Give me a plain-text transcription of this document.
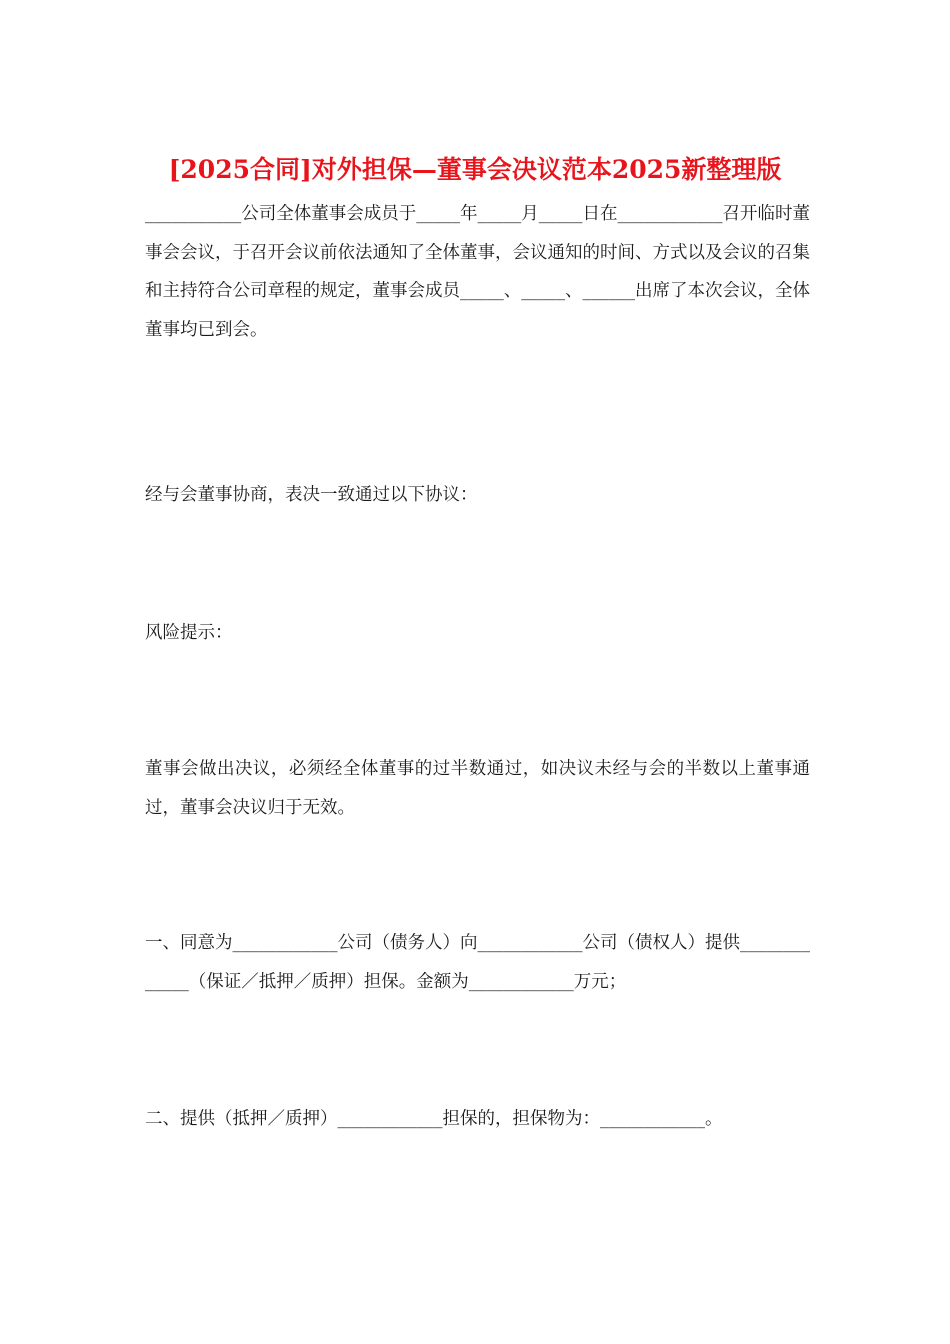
[2025合同]对外担保—董事会决议范本2025新整理版

___________公司全体董事会成员于_____年_____月_____日在____________召开临时董事会会议，于召开会议前依法通知了全体董事，会议通知的时间、方式以及会议的召集和主持符合公司章程的规定，董事会成员_____、_____、______出席了本次会议，全体董事均已到会。

经与会董事协商，表决一致通过以下协议：

风险提示：

董事会做出决议，必须经全体董事的过半数通过，如决议未经与会的半数以上董事通过，董事会决议归于无效。

一、同意为____________公司（债务人）向____________公司（债权人）提供_____________（保证／抵押／质押）担保。金额为____________万元；

二、提供（抵押／质押）____________担保的，担保物为：____________。
